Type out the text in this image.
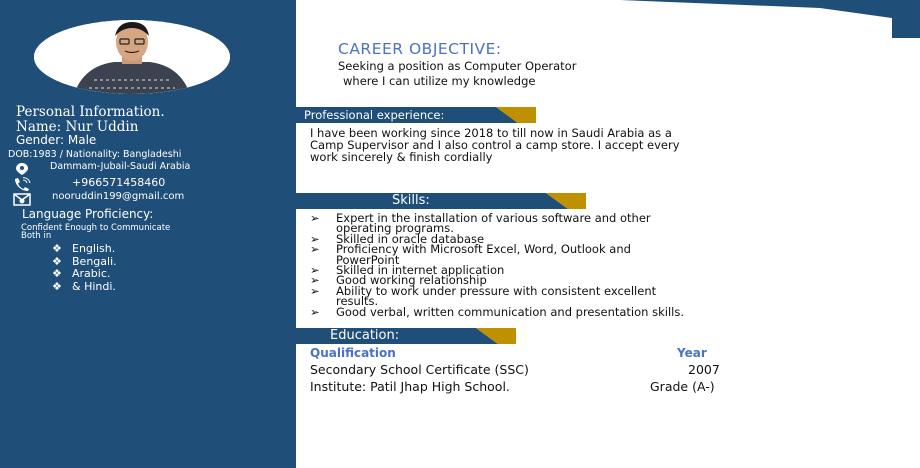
Personal Information.
Name: Nur Uddin
Gender: Male
DOB:1983 / Nationality: Bangladeshi
Dammam-Jubail-Saudi Arabia
+966571458460
nooruddin199@gmail.com
Language Proficiency:
Confident Enough to Communicate
Both in
❖ English.
❖ Bengali.
❖ Arabic.
❖ & Hindi.
CAREER OBJECTIVE:
Seeking a position as Computer Operator
where I can utilize my knowledge
Professional experience:
I have been working since 2018 to till now in Saudi Arabia as a
Camp Supervisor and I also control a camp store. I accept every
work sincerely & finish cordially
Skills:
➢ Expert in the installation of various software and other
operating programs.
➢ Skilled in oracle database
➢ Proficiency with Microsoft Excel, Word, Outlook and
PowerPoint
➢ Skilled in internet application
➢ Good working relationship
➢ Ability to work under pressure with consistent excellent
results.
➢ Good verbal, written communication and presentation skills.
Education:
Qualification	Year
Secondary School Certificate (SSC)	2007
Institute: Patil Jhap High School.	Grade (A-)
